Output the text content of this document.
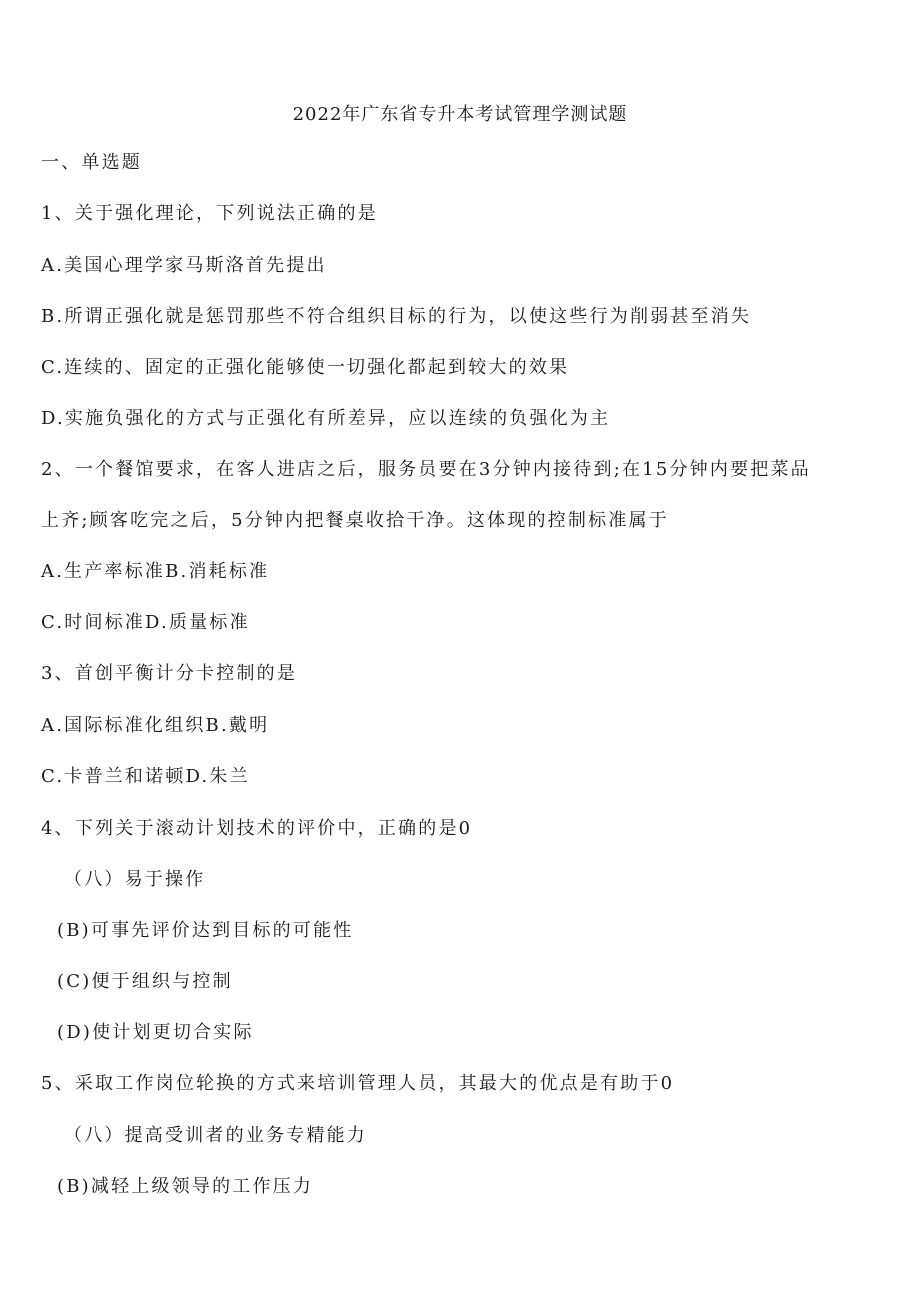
2022年广东省专升本考试管理学测试题
一、单选题
1、关于强化理论，下列说法正确的是
A.美国心理学家马斯洛首先提出
B.所谓正强化就是惩罚那些不符合组织目标的行为，以使这些行为削弱甚至消失
C.连续的、固定的正强化能够使一切强化都起到较大的效果
D.实施负强化的方式与正强化有所差异，应以连续的负强化为主
2、一个餐馆要求，在客人进店之后，服务员要在3分钟内接待到;在15分钟内要把菜品
上齐;顾客吃完之后，5分钟内把餐桌收拾干净。这体现的控制标准属于
A.生产率标准B.消耗标准
C.时间标准D.质量标准
3、首创平衡计分卡控制的是
A.国际标准化组织B.戴明
C.卡普兰和诺顿D.朱兰
4、下列关于滚动计划技术的评价中，正确的是0
（八）易于操作
(B)可事先评价达到目标的可能性
(C)便于组织与控制
(D)使计划更切合实际
5、采取工作岗位轮换的方式来培训管理人员，其最大的优点是有助于0
（八）提高受训者的业务专精能力
(B)减轻上级领导的工作压力
